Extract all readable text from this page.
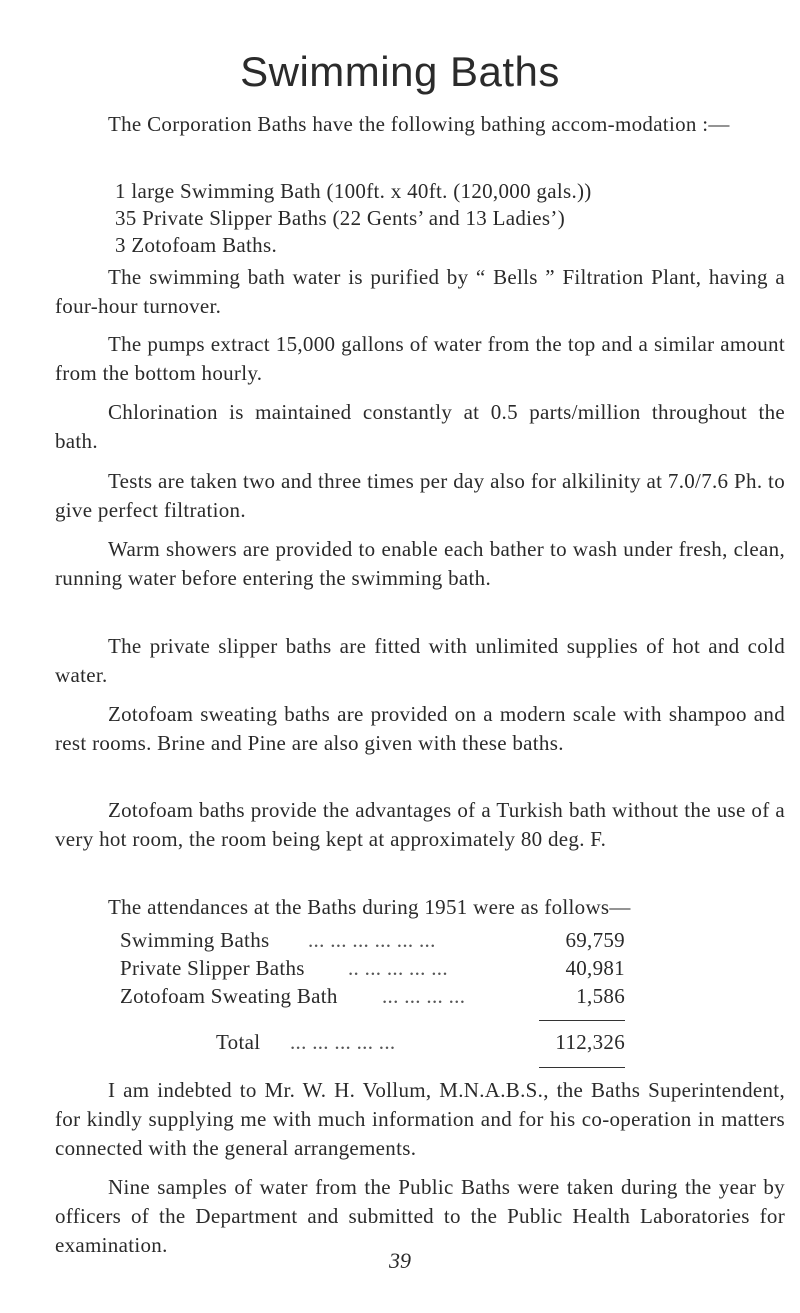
Swimming Baths

The Corporation Baths have the following bathing accom-modation :—

1 large Swimming Bath (100ft. x 40ft. (120,000 gals.))
35 Private Slipper Baths (22 Gents’ and 13 Ladies’)
3 Zotofoam Baths.

The swimming bath water is purified by “ Bells ” Filtration Plant, having a four-hour turnover.

The pumps extract 15,000 gallons of water from the top and a similar amount from the bottom hourly.

Chlorination is maintained constantly at 0.5 parts/million throughout the bath.

Tests are taken two and three times per day also for alkilinity at 7.0/7.6 Ph. to give perfect filtration.

Warm showers are provided to enable each bather to wash under fresh, clean, running water before entering the swimming bath.

The private slipper baths are fitted with unlimited supplies of hot and cold water.

Zotofoam sweating baths are provided on a modern scale with shampoo and rest rooms. Brine and Pine are also given with these baths.

Zotofoam baths provide the advantages of a Turkish bath without the use of a very hot room, the room being kept at approximately 80 deg. F.

The attendances at the Baths during 1951 were as follows—

Swimming Baths ... ... ... ... ... ...	69,759
Private Slipper Baths .. ... ... ... ...	40,981
Zotofoam Sweating Bath ... ... ... ...	1,586
Total ... ... ... ... ...	112,326

I am indebted to Mr. W. H. Vollum, M.N.A.B.S., the Baths Superintendent, for kindly supplying me with much information and for his co-operation in matters connected with the general arrangements.

Nine samples of water from the Public Baths were taken during the year by officers of the Department and submitted to the Public Health Laboratories for examination.

39
